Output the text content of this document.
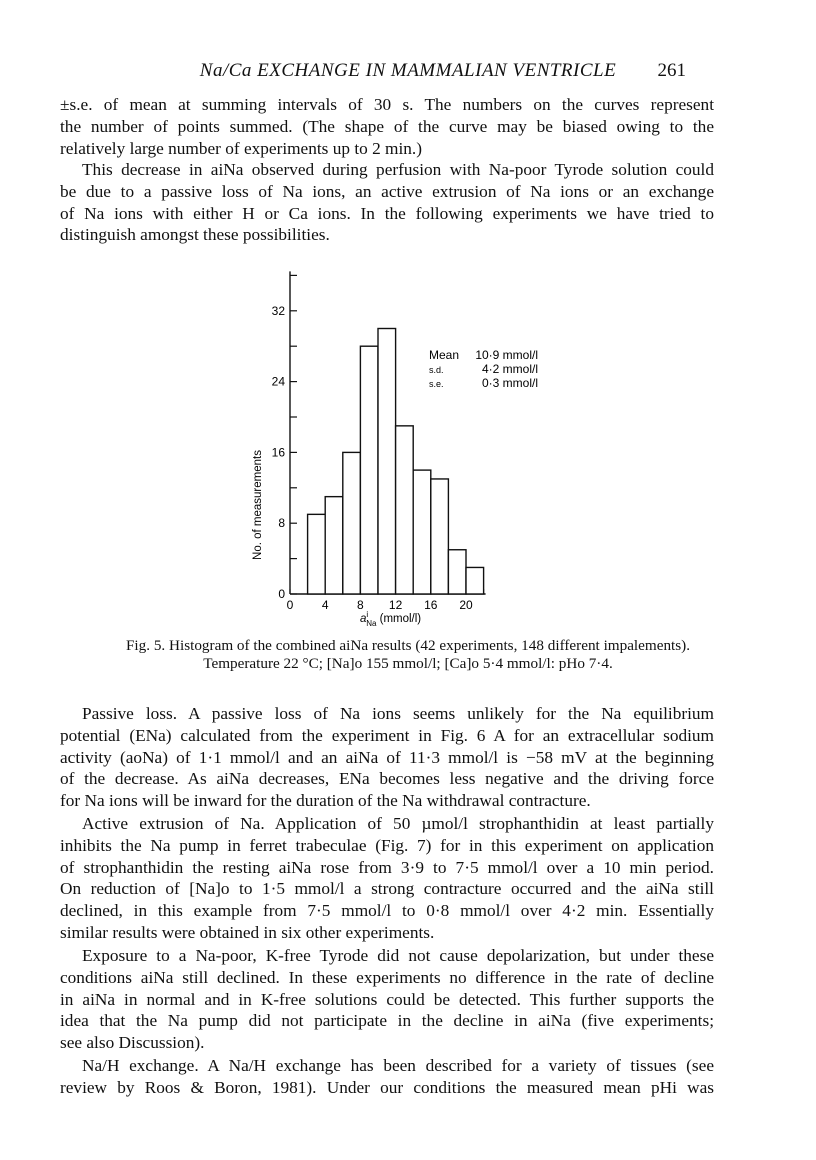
Na/Ca EXCHANGE IN MAMMALIAN VENTRICLE	261
±s.e. of mean at summing intervals of 30 s. The numbers on the curves represent
the number of points summed. (The shape of the curve may be biased owing to the
relatively large number of experiments up to 2 min.)
This decrease in aiNa observed during perfusion with Na-poor Tyrode solution could
be due to a passive loss of Na ions, an active extrusion of Na ions or an exchange
of Na ions with either H or Ca ions. In the following experiments we have tried to
distinguish amongst these possibilities.
0
8
16
24
32
0 4 8 12 16 20
No. of measurements
$a^i$ Na (mmol/l)
Mean 10·9 mmol/l
s.d.	4·2 mmol/l
s.e.	0·3 mmol/l
Fig. 5. Histogram of the combined aiNa results (42 experiments, 148 different impalements).
Temperature 22 °C; [Na]o 155 mmol/l; [Ca]o 5·4 mmol/l: pHo 7·4.
Passive loss. A passive loss of Na ions seems unlikely for the Na equilibrium
potential (ENa) calculated from the experiment in Fig. 6 A for an extracellular sodium
activity (aoNa) of 1·1 mmol/l and an aiNa of 11·3 mmol/l is −58 mV at the beginning
of the decrease. As aiNa decreases, ENa becomes less negative and the driving force
for Na ions will be inward for the duration of the Na withdrawal contracture.
Active extrusion of Na. Application of 50 µmol/l strophanthidin at least partially
inhibits the Na pump in ferret trabeculae (Fig. 7) for in this experiment on application
of strophanthidin the resting aiNa rose from 3·9 to 7·5 mmol/l over a 10 min period.
On reduction of [Na]o to 1·5 mmol/l a strong contracture occurred and the aiNa still
declined, in this example from 7·5 mmol/l to 0·8 mmol/l over 4·2 min. Essentially
similar results were obtained in six other experiments.
Exposure to a Na-poor, K-free Tyrode did not cause depolarization, but under these
conditions aiNa still declined. In these experiments no difference in the rate of decline
in aiNa in normal and in K-free solutions could be detected. This further supports the
idea that the Na pump did not participate in the decline in aiNa (five experiments;
see also Discussion).
Na/H exchange. A Na/H exchange has been described for a variety of tissues (see
review by Roos & Boron, 1981). Under our conditions the measured mean pHi was
